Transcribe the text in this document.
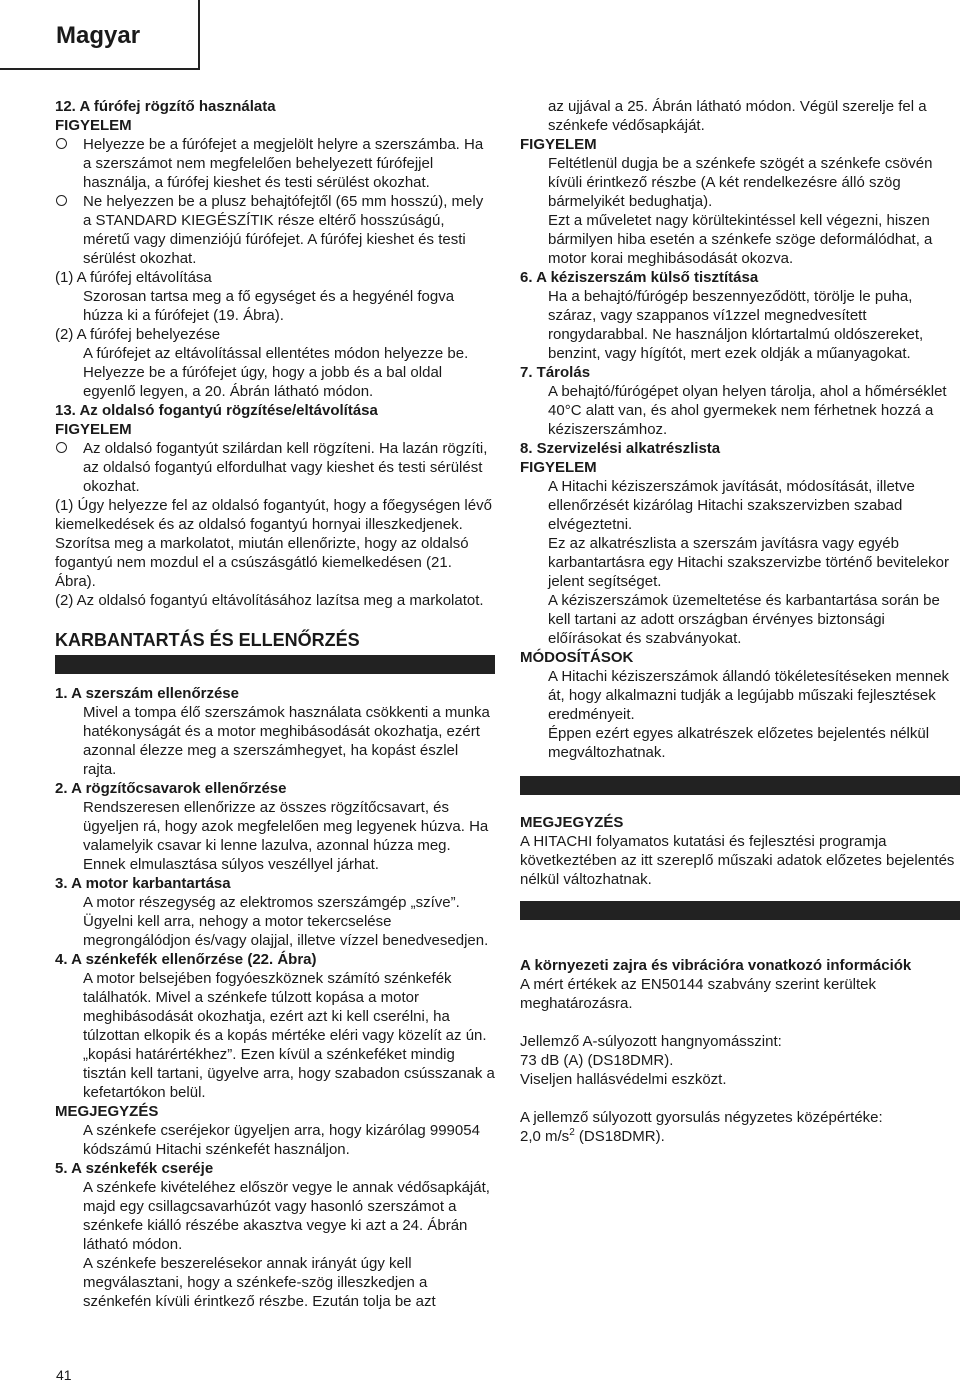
Magyar
12. A fúrófej rögzítő használata
FIGYELEM
Helyezze be a fúrófejet a megjelölt helyre a szerszámba. Ha a szerszámot nem megfelelően behelyezett fúrófejjel használja, a fúrófej kieshet és testi sérülést okozhat.
Ne helyezzen be a plusz behajtófejtől (65 mm hosszú), mely a STANDARD KIEGÉSZÍTIK része eltérő hosszúságú, méretű vagy dimenziójú fúrófejet. A fúrófej kieshet és testi sérülést okozhat.
(1) A fúrófej eltávolítása
Szorosan tartsa meg a fő egységet és a hegyénél fogva húzza ki a fúrófejet (19. Ábra).
(2) A fúrófej behelyezése
A fúrófejet az eltávolítással ellentétes módon helyezze be. Helyezze be a fúrófejet úgy, hogy a jobb és a bal oldal egyenlő legyen, a 20. Ábrán látható módon.
13. Az oldalsó fogantyú rögzítése/eltávolítása
FIGYELEM
Az oldalsó fogantyút szilárdan kell rögzíteni. Ha lazán rögzíti, az oldalsó fogantyú elfordulhat vagy kieshet és testi sérülést okozhat.
(1) Úgy helyezze fel az oldalsó fogantyút, hogy a főegységen lévő kiemelkedések és az oldalsó fogantyú hornyai illeszkedjenek. Szorítsa meg a markolatot, miután ellenőrizte, hogy az oldalsó fogantyú nem mozdul el a csúszásgátló kiemelkedésen (21. Ábra).
(2) Az oldalsó fogantyú eltávolításához lazítsa meg a markolatot.
KARBANTARTÁS ÉS ELLENŐRZÉS
1. A szerszám ellenőrzése
Mivel a tompa élő szerszámok használata csökkenti a munka hatékonyságát és a motor meghibásodását okozhatja, ezért azonnal élezze meg a szerszámhegyet, ha kopást észlel rajta.
2. A rögzítőcsavarok ellenőrzése
Rendszeresen ellenőrizze az összes rögzítőcsavart, és ügyeljen rá, hogy azok megfelelően meg legyenek húzva. Ha valamelyik csavar ki lenne lazulva, azonnal húzza meg. Ennek elmulasztása súlyos veszéllyel járhat.
3. A motor karbantartása
A motor részegység az elektromos szerszámgép „szíve”. Ügyelni kell arra, nehogy a motor tekercselése megrongálódjon és/vagy olajjal, illetve vízzel benedvesedjen.
4. A szénkefék ellenőrzése (22. Ábra)
A motor belsejében fogyóeszköznek számító szénkefék találhatók. Mivel a szénkefe túlzott kopása a motor meghibásodását okozhatja, ezért azt ki kell cserélni, ha túlzottan elkopik és a kopás mértéke eléri vagy közelít az ún. „kopási határértékhez”. Ezen kívül a szénkeféket mindig tisztán kell tartani, ügyelve arra, hogy szabadon csússzanak a kefetartókon belül.
MEGJEGYZÉS
A szénkefe cseréjekor ügyeljen arra, hogy kizárólag 999054 kódszámú Hitachi szénkefét használjon.
5. A szénkefék cseréje
A szénkefe kivételéhez először vegye le annak védősapkáját, majd egy csillagcsavarhúzót vagy hasonló szerszámot a szénkefe kiálló részébe akasztva vegye ki azt a 24. Ábrán látható módon.
A szénkefe beszerelésekor annak irányát úgy kell megválasztani, hogy a szénkefe-szög illeszkedjen a szénkefén kívüli érintkező részbe. Ezután tolja be azt
az ujjával a 25. Ábrán látható módon. Végül szerelje fel a szénkefe védősapkáját.
FIGYELEM
Feltétlenül dugja be a szénkefe szögét a szénkefe csövén kívüli érintkező részbe (A két rendelkezésre álló szög bármelyikét bedughatja).
Ezt a műveletet nagy körültekintéssel kell végezni, hiszen bármilyen hiba esetén a szénkefe szöge deformálódhat, a motor korai meghibásodását okozva.
6. A kéziszerszám külső tisztítása
Ha a behajtó/fúrógép beszennyeződött, törölje le puha, száraz, vagy szappanos ví1zzel megnedvesített rongydarabbal. Ne használjon klórtartalmú oldószereket, benzint, vagy hígítót, mert ezek oldják a műanyagokat.
7. Tárolás
A behajtó/fúrógépet olyan helyen tárolja, ahol a hőmérséklet 40°C alatt van, és ahol gyermekek nem férhetnek hozzá a kéziszerszámhoz.
8. Szervizelési alkatrészlista
FIGYELEM
A Hitachi kéziszerszámok javítását, módosítását, illetve ellenőrzését kizárólag Hitachi szakszervizben szabad elvégeztetni.
Ez az alkatrészlista a szerszám javításra vagy egyéb karbantartásra egy Hitachi szakszervizbe történő bevitelekor jelent segítséget.
A kéziszerszámok üzemeltetése és karbantartása során be kell tartani az adott országban érvényes biztonsági előírásokat és szabványokat.
MÓDOSÍTÁSOK
A Hitachi kéziszerszámok állandó tökéletesítéseken mennek át, hogy alkalmazni tudják a legújabb műszaki fejlesztések eredményeit.
Éppen ezért egyes alkatrészek előzetes bejelentés nélkül megváltozhatnak.
MEGJEGYZÉS
A HITACHI folyamatos kutatási és fejlesztési programja következtében az itt szereplő műszaki adatok előzetes bejelentés nélkül változhatnak.
A környezeti zajra és vibrációra vonatkozó információk
A mért értékek az EN50144 szabvány szerint kerültek meghatározásra.
Jellemző A-súlyozott hangnyomásszint:
73 dB (A) (DS18DMR).
Viseljen hallásvédelmi eszközt.
A jellemző súlyozott gyorsulás négyzetes középértéke:
2,0 $m/s^2$ (DS18DMR).
41
